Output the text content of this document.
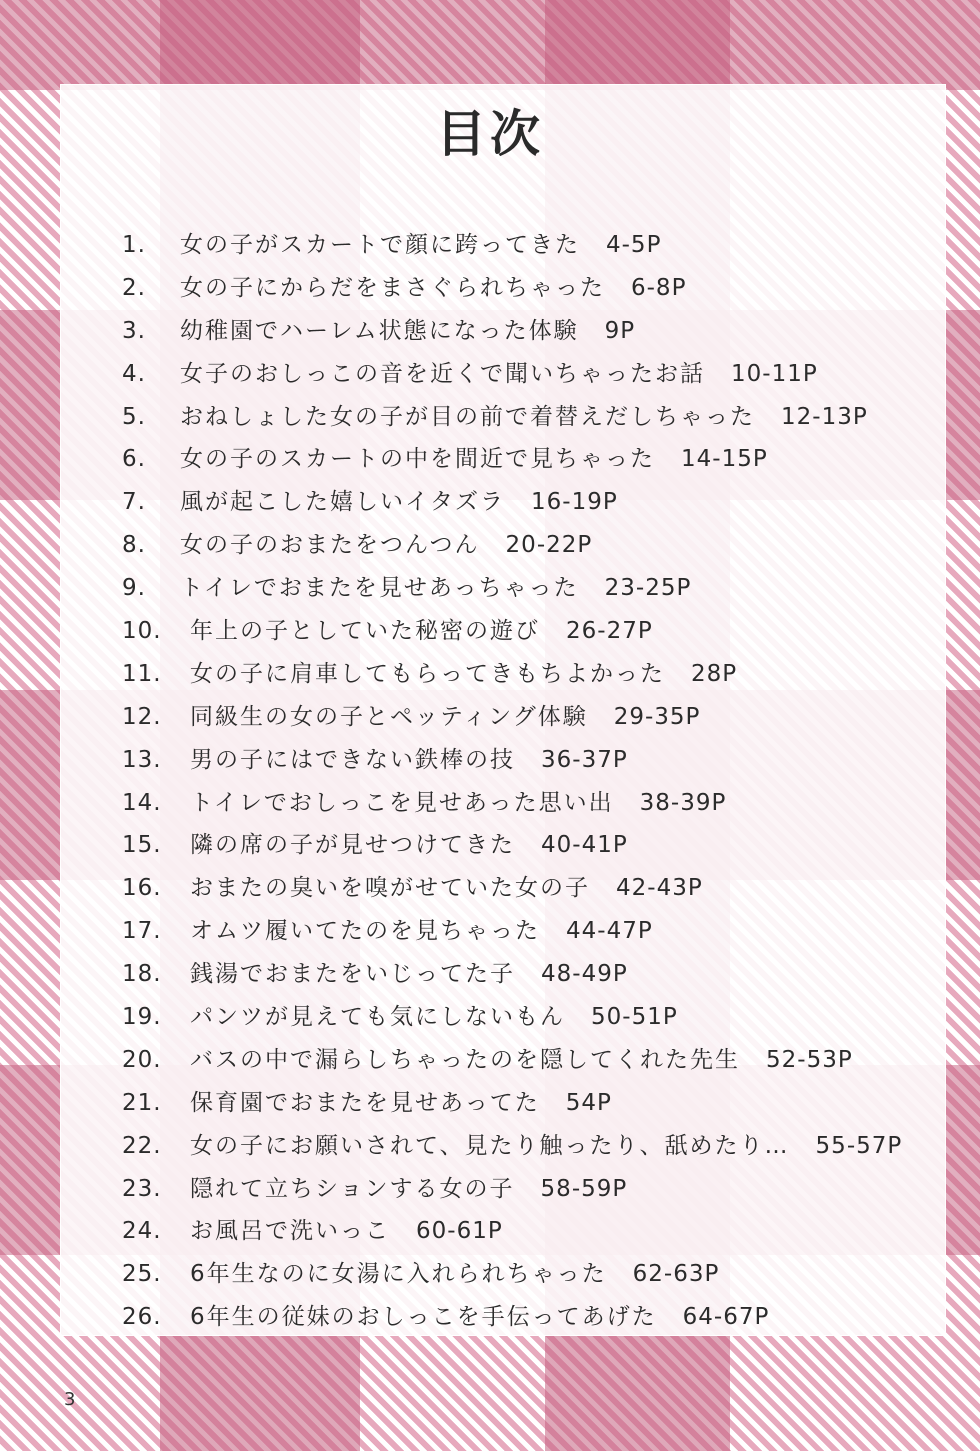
目次
1.	女の子がスカートで顔に跨ってきた 4-5P
2.	女の子にからだをまさぐられちゃった 6-8P
3.	幼稚園でハーレム状態になった体験 9P
4.	女子のおしっこの音を近くで聞いちゃったお話 10-11P
5.	おねしょした女の子が目の前で着替えだしちゃった 12-13P
6.	女の子のスカートの中を間近で見ちゃった 14-15P
7.	風が起こした嬉しいイタズラ 16-19P
8.	女の子のおまたをつんつん 20-22P
9.	トイレでおまたを見せあっちゃった 23-25P
10.	年上の子としていた秘密の遊び 26-27P
11.	女の子に肩車してもらってきもちよかった 28P
12.	同級生の女の子とペッティング体験 29-35P
13.	男の子にはできない鉄棒の技 36-37P
14.	トイレでおしっこを見せあった思い出 38-39P
15.	隣の席の子が見せつけてきた 40-41P
16.	おまたの臭いを嗅がせていた女の子 42-43P
17.	オムツ履いてたのを見ちゃった 44-47P
18.	銭湯でおまたをいじってた子 48-49P
19.	パンツが見えても気にしないもん 50-51P
20.	バスの中で漏らしちゃったのを隠してくれた先生 52-53P
21.	保育園でおまたを見せあってた 54P
22.	女の子にお願いされて、見たり触ったり、舐めたり… 55-57P
23.	隠れて立ちションする女の子 58-59P
24.	お風呂で洗いっこ 60-61P
25.	6年生なのに女湯に入れられちゃった 62-63P
26.	6年生の従妹のおしっこを手伝ってあげた 64-67P
3
